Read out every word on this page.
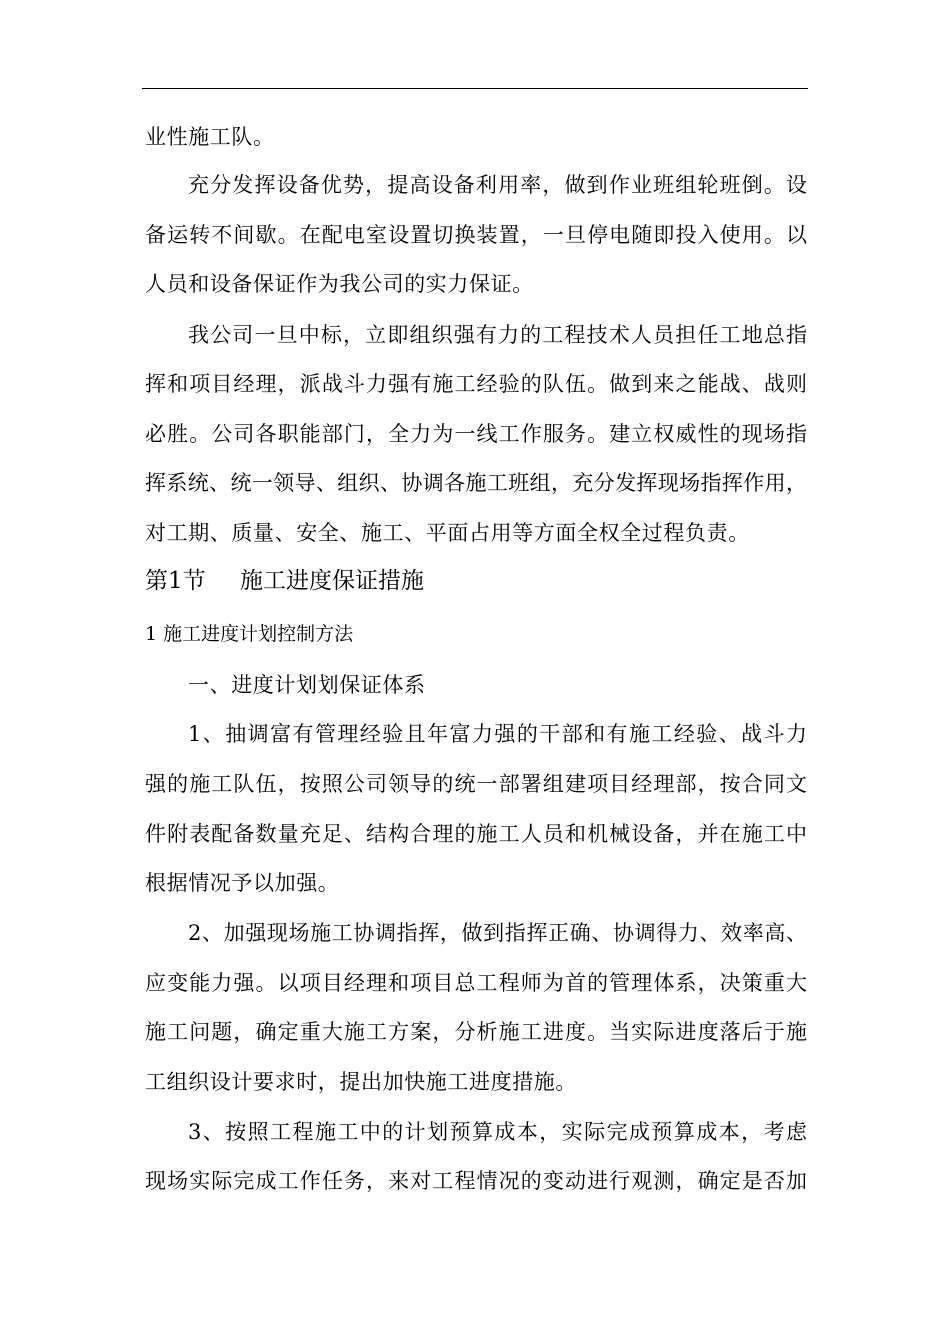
业性施工队。
充分发挥设备优势，提高设备利用率，做到作业班组轮班倒。设
备运转不间歇。在配电室设置切换装置，一旦停电随即投入使用。以
人员和设备保证作为我公司的实力保证。
我公司一旦中标，立即组织强有力的工程技术人员担任工地总指
挥和项目经理，派战斗力强有施工经验的队伍。做到来之能战、战则
必胜。公司各职能部门，全力为一线工作服务。建立权威性的现场指
挥系统、统一领导、组织、协调各施工班组，充分发挥现场指挥作用，
对工期、质量、安全、施工、平面占用等方面全权全过程负责。
第1节 施工进度保证措施
1 施工进度计划控制方法
一、进度计划划保证体系
1、抽调富有管理经验且年富力强的干部和有施工经验、战斗力
强的施工队伍，按照公司领导的统一部署组建项目经理部，按合同文
件附表配备数量充足、结构合理的施工人员和机械设备，并在施工中
根据情况予以加强。
2、加强现场施工协调指挥，做到指挥正确、协调得力、效率高、
应变能力强。以项目经理和项目总工程师为首的管理体系，决策重大
施工问题，确定重大施工方案，分析施工进度。当实际进度落后于施
工组织设计要求时，提出加快施工进度措施。
3、按照工程施工中的计划预算成本，实际完成预算成本，考虑
现场实际完成工作任务，来对工程情况的变动进行观测，确定是否加
